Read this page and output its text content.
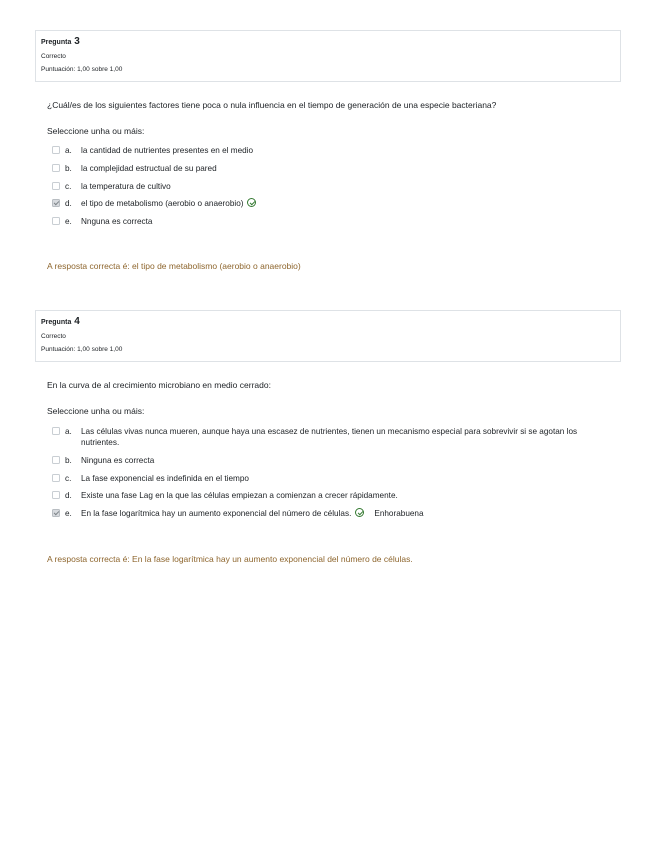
Pregunta 3
Correcto
Puntuación: 1,00 sobre 1,00
¿Cuál/es de los siguientes factores tiene poca o nula influencia en el tiempo de generación de una especie bacteriana?
Seleccione unha ou máis:
a. la cantidad de nutrientes presentes en el medio
b. la complejidad estructual de su pared
c. la temperatura de cultivo
d. el tipo de metabolismo (aerobio o anaerobio)
e. Nnguna es correcta
A resposta correcta é: el tipo de metabolismo (aerobio o anaerobio)
Pregunta 4
Correcto
Puntuación: 1,00 sobre 1,00
En la curva de al crecimiento microbiano en medio cerrado:
Seleccione unha ou máis:
a. Las células vivas nunca mueren, aunque haya una escasez de nutrientes, tienen un mecanismo especial para sobrevivir si se agotan los nutrientes.
b. Ninguna es correcta
c. La fase exponencial es indefinida en el tiempo
d. Existe una fase Lag en la que las células empiezan a comienzan a crecer rápidamente.
e. En la fase logarítmica hay un aumento exponencial del número de células.	Enhorabuena
A resposta correcta é: En la fase logarítmica hay un aumento exponencial del número de células.
